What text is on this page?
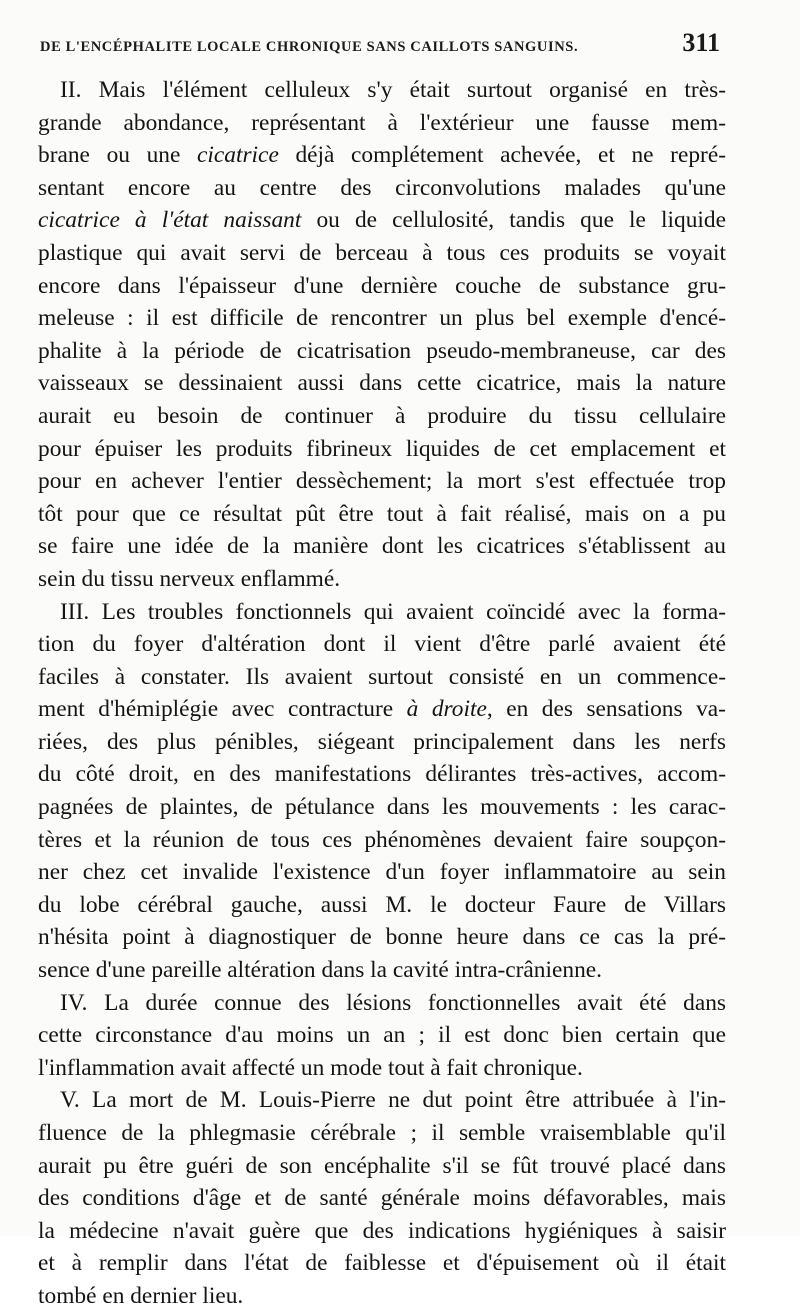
DE L'ENCÉPHALITE LOCALE CHRONIQUE SANS CAILLOTS SANGUINS.	311
II. Mais l'élément celluleux s'y était surtout organisé en très-
grande abondance, représentant à l'extérieur une fausse mem-
brane ou une cicatrice déjà complétement achevée, et ne repré-
sentant encore au centre des circonvolutions malades qu'une
cicatrice à l'état naissant ou de cellulosité, tandis que le liquide
plastique qui avait servi de berceau à tous ces produits se voyait
encore dans l'épaisseur d'une dernière couche de substance gru-
meleuse : il est difficile de rencontrer un plus bel exemple d'encé-
phalite à la période de cicatrisation pseudo-membraneuse, car des
vaisseaux se dessinaient aussi dans cette cicatrice, mais la nature
aurait eu besoin de continuer à produire du tissu cellulaire
pour épuiser les produits fibrineux liquides de cet emplacement et
pour en achever l'entier dessèchement; la mort s'est effectuée trop
tôt pour que ce résultat pût être tout à fait réalisé, mais on a pu
se faire une idée de la manière dont les cicatrices s'établissent au
sein du tissu nerveux enflammé.
III. Les troubles fonctionnels qui avaient coïncidé avec la forma-
tion du foyer d'altération dont il vient d'être parlé avaient été
faciles à constater. Ils avaient surtout consisté en un commence-
ment d'hémiplégie avec contracture à droite, en des sensations va-
riées, des plus pénibles, siégeant principalement dans les nerfs
du côté droit, en des manifestations délirantes très-actives, accom-
pagnées de plaintes, de pétulance dans les mouvements : les carac-
tères et la réunion de tous ces phénomènes devaient faire soupçon-
ner chez cet invalide l'existence d'un foyer inflammatoire au sein
du lobe cérébral gauche, aussi M. le docteur Faure de Villars
n'hésita point à diagnostiquer de bonne heure dans ce cas la pré-
sence d'une pareille altération dans la cavité intra-crânienne.
IV. La durée connue des lésions fonctionnelles avait été dans
cette circonstance d'au moins un an ; il est donc bien certain que
l'inflammation avait affecté un mode tout à fait chronique.
V. La mort de M. Louis-Pierre ne dut point être attribuée à l'in-
fluence de la phlegmasie cérébrale ; il semble vraisemblable qu'il
aurait pu être guéri de son encéphalite s'il se fût trouvé placé dans
des conditions d'âge et de santé générale moins défavorables, mais
la médecine n'avait guère que des indications hygiéniques à saisir
et à remplir dans l'état de faiblesse et d'épuisement où il était
tombé en dernier lieu.
